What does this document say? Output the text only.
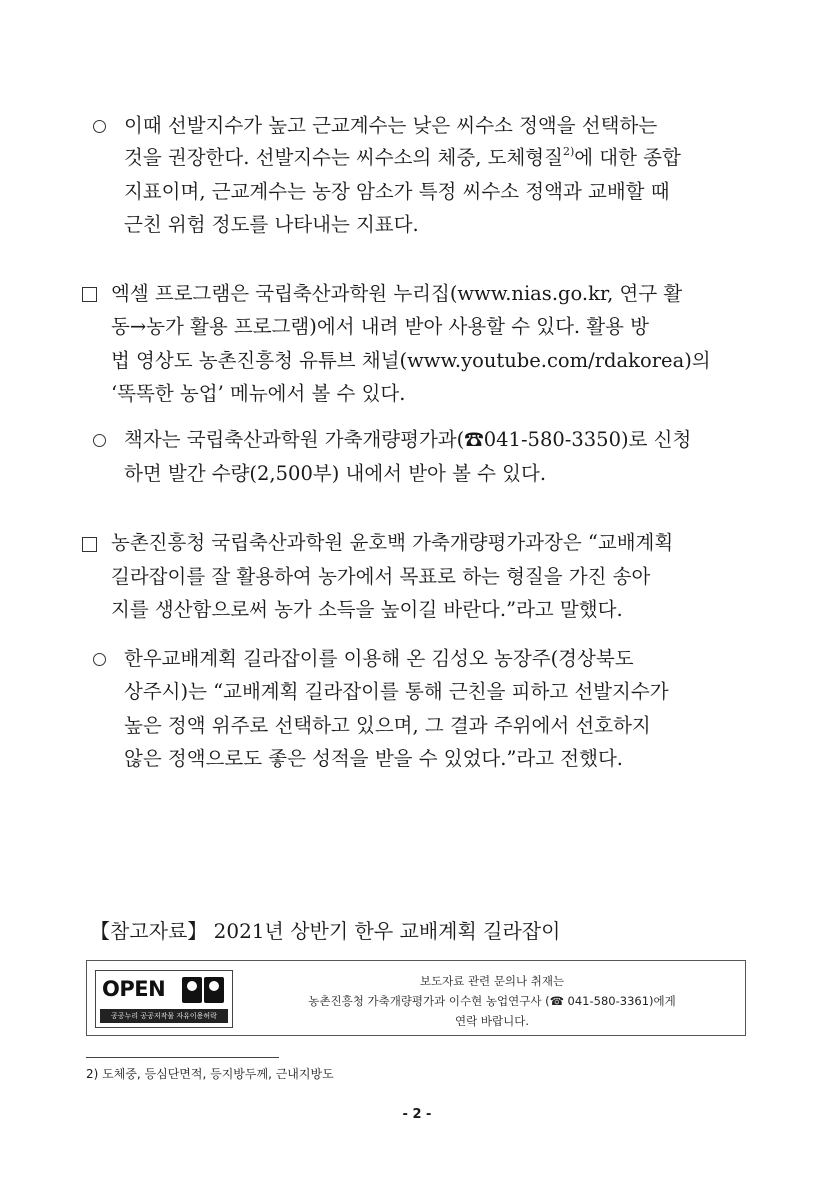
이때 선발지수가 높고 근교계수는 낮은 씨수소 정액을 선택하는
것을 권장한다. 선발지수는 씨수소의 체중, 도체형질$^{2)}$에 대한 종합
지표이며, 근교계수는 농장 암소가 특정 씨수소 정액과 교배할 때
근친 위험 정도를 나타내는 지표다.
엑셀 프로그램은 국립축산과학원 누리집(www.nias.go.kr, 연구 활
동→농가 활용 프로그램)에서 내려 받아 사용할 수 있다. 활용 방
법 영상도 농촌진흥청 유튜브 채널(www.youtube.com/rdakorea)의
‘똑똑한 농업’ 메뉴에서 볼 수 있다.
책자는 국립축산과학원 가축개량평가과(☎041-580-3350)로 신청
하면 발간 수량(2,500부) 내에서 받아 볼 수 있다.
농촌진흥청 국립축산과학원 윤호백 가축개량평가과장은 “교배계획
길라잡이를 잘 활용하여 농가에서 목표로 하는 형질을 가진 송아
지를 생산함으로써 농가 소득을 높이길 바란다.”라고 말했다.
한우교배계획 길라잡이를 이용해 온 김성오 농장주(경상북도
상주시)는 “교배계획 길라잡이를 통해 근친을 피하고 선발지수가
높은 정액 위주로 선택하고 있으며, 그 결과 주위에서 선호하지
않은 정액으로도 좋은 성적을 받을 수 있었다.”라고 전했다.
【참고자료】 2021년 상반기 한우 교배계획 길라잡이
OPEN
공공누리 공공저작물 자유이용허락
보도자료 관련 문의나 취재는
농촌진흥청 가축개량평가과 이수현 농업연구사 (☎ 041-580-3361)에게
연락 바랍니다.
2) 도체중, 등심단면적, 등지방두께, 근내지방도
- 2 -
